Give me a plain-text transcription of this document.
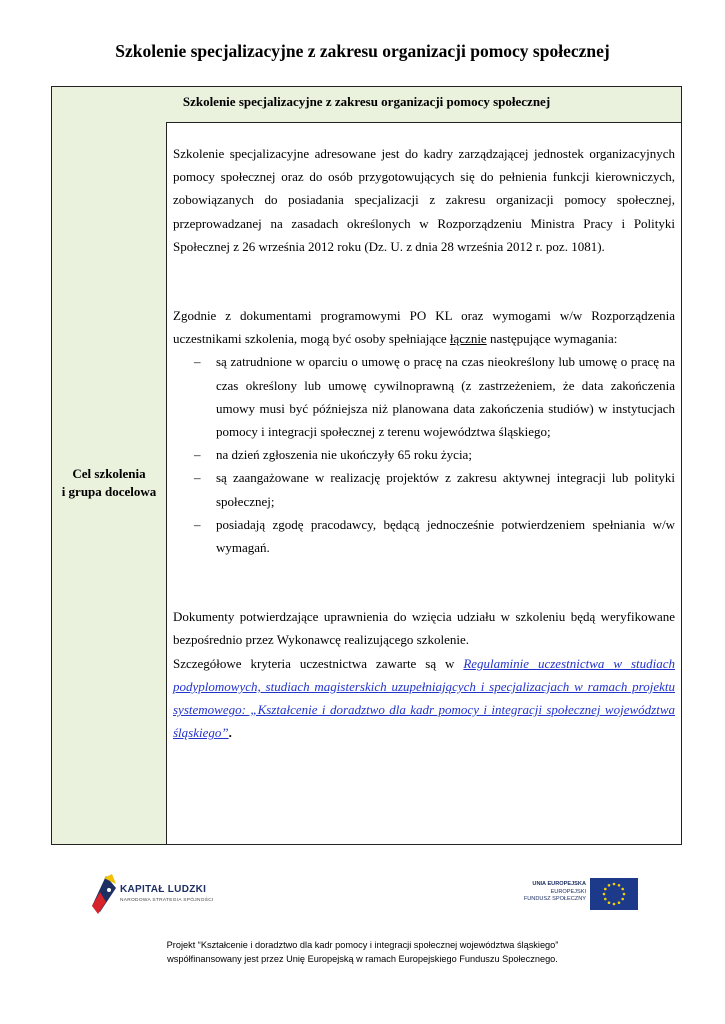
Szkolenie specjalizacyjne z zakresu organizacji pomocy społecznej
Szkolenie specjalizacyjne z zakresu organizacji pomocy społecznej
Cel szkolenia
i grupa docelowa

Szkolenie specjalizacyjne adresowane jest do kadry zarządzającej jednostek organizacyjnych pomocy społecznej oraz do osób przygotowujących się do pełnienia funkcji kierowniczych, zobowiązanych do posiadania specjalizacji z zakresu organizacji pomocy społecznej, przeprowadzanej na zasadach określonych w Rozporządzeniu Ministra Pracy i Polityki Społecznej z 26 września 2012 roku (Dz. U. z dnia 28 września 2012 r. poz. 1081).

Zgodnie z dokumentami programowymi PO KL oraz wymogami w/w Rozporządzenia uczestnikami szkolenia, mogą być osoby spełniające łącznie następujące wymagania:

– są zatrudnione w oparciu o umowę o pracę na czas nieokreślony lub umowę o pracę na czas określony lub umowę cywilnoprawną (z zastrzeżeniem, że data zakończenia umowy musi być późniejsza niż planowana data zakończenia studiów) w instytucjach pomocy i integracji społecznej z terenu województwa śląskiego;
– na dzień zgłoszenia nie ukończyły 65 roku życia;
– są zaangażowane w realizację projektów z zakresu aktywnej integracji lub polityki społecznej;
– posiadają zgodę pracodawcy, będącą jednocześnie potwierdzeniem spełniania w/w wymagań.

Dokumenty potwierdzające uprawnienia do wzięcia udziału w szkoleniu będą weryfikowane bezpośrednio przez Wykonawcę realizującego szkolenie.

Szczegółowe kryteria uczestnictwa zawarte są w Regulaminie uczestnictwa w studiach podyplomowych, studiach magisterskich uzupełniających i specjalizacjach w ramach projektu systemowego: „Kształcenie i doradztwo dla kadr pomocy i integracji społecznej województwa śląskiego”.

KAPITAŁ LUDZKI
NARODOWA STRATEGIA SPÓJNOŚCI
UNIA EUROPEJSKA
EUROPEJSKI
FUNDUSZ SPOŁECZNY
Projekt “Kształcenie i doradztwo dla kadr pomocy i integracji społecznej województwa śląskiego”
współfinansowany jest przez Unię Europejską w ramach Europejskiego Funduszu Społecznego.
